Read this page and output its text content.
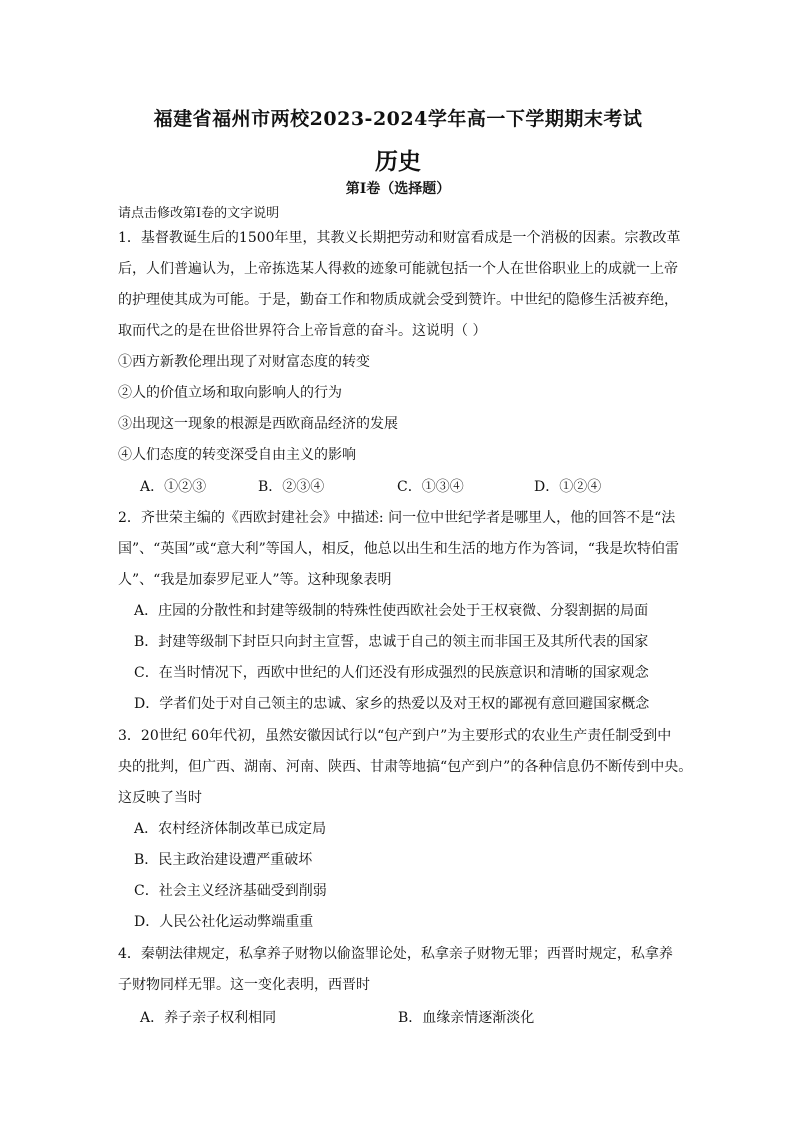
福建省福州市两校2023-2024学年高一下学期期末考试
历史
第I卷（选择题）
请点击修改第I卷的文字说明
1．基督教诞生后的1500年里，其教义长期把劳动和财富看成是一个消极的因素。宗教改革
后，人们普遍认为，上帝拣选某人得救的迹象可能就包括一个人在世俗职业上的成就一上帝
的护理使其成为可能。于是，勤奋工作和物质成就会受到赞许。中世纪的隐修生活被弃绝，
取而代之的是在世俗世界符合上帝旨意的奋斗。这说明（ ）
①西方新教伦理出现了对财富态度的转变
②人的价值立场和取向影响人的行为
③出现这一现象的根源是西欧商品经济的发展
④人们态度的转变深受自由主义的影响
A．①②③	B．②③④	C．①③④	D．①②④
2．齐世荣主编的《西欧封建社会》中描述: 问一位中世纪学者是哪里人，他的回答不是“法
国”、“英国”或“意大利”等国人，相反，他总以出生和生活的地方作为答词，“我是坎特伯雷
人”、“我是加泰罗尼亚人”等。这种现象表明
A．庄园的分散性和封建等级制的特殊性使西欧社会处于王权衰微、分裂割据的局面
B．封建等级制下封臣只向封主宣誓，忠诚于自己的领主而非国王及其所代表的国家
C．在当时情况下，西欧中世纪的人们还没有形成强烈的民族意识和清晰的国家观念
D．学者们处于对自己领主的忠诚、家乡的热爱以及对王权的鄙视有意回避国家概念
3．20世纪 60年代初，虽然安徽因试行以“包产到户”为主要形式的农业生产责任制受到中
央的批判，但广西、湖南、河南、陕西、甘肃等地搞“包产到户”的各种信息仍不断传到中央。
这反映了当时
A．农村经济体制改革已成定局
B．民主政治建设遭严重破坏
C．社会主义经济基础受到削弱
D．人民公社化运动弊端重重
4．秦朝法律规定，私拿养子财物以偷盗罪论处，私拿亲子财物无罪；西晋时规定，私拿养
子财物同样无罪。这一变化表明，西晋时
A．养子亲子权利相同	B．血缘亲情逐渐淡化
